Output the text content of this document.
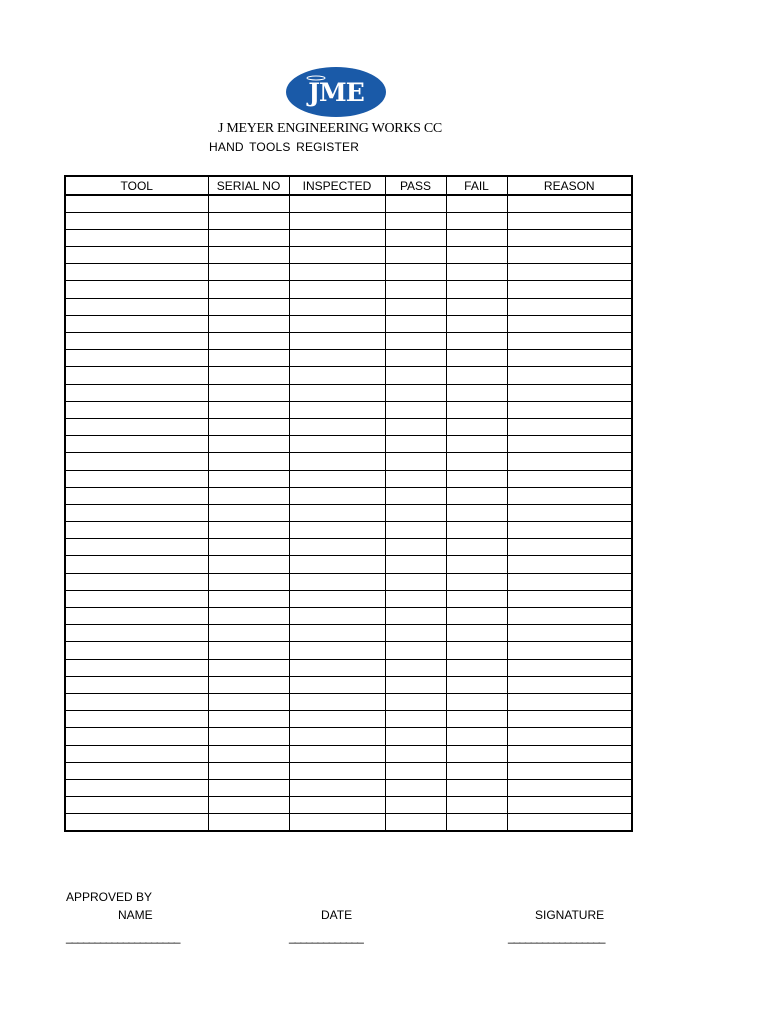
JME
J MEYER ENGINEERING WORKS CC
HAND TOOLS REGISTER
TOOL	SERIAL NO	INSPECTED	PASS	FAIL	REASON

APPROVED BY
NAME	DATE	SIGNATURE
____________________	_____________	_________________
